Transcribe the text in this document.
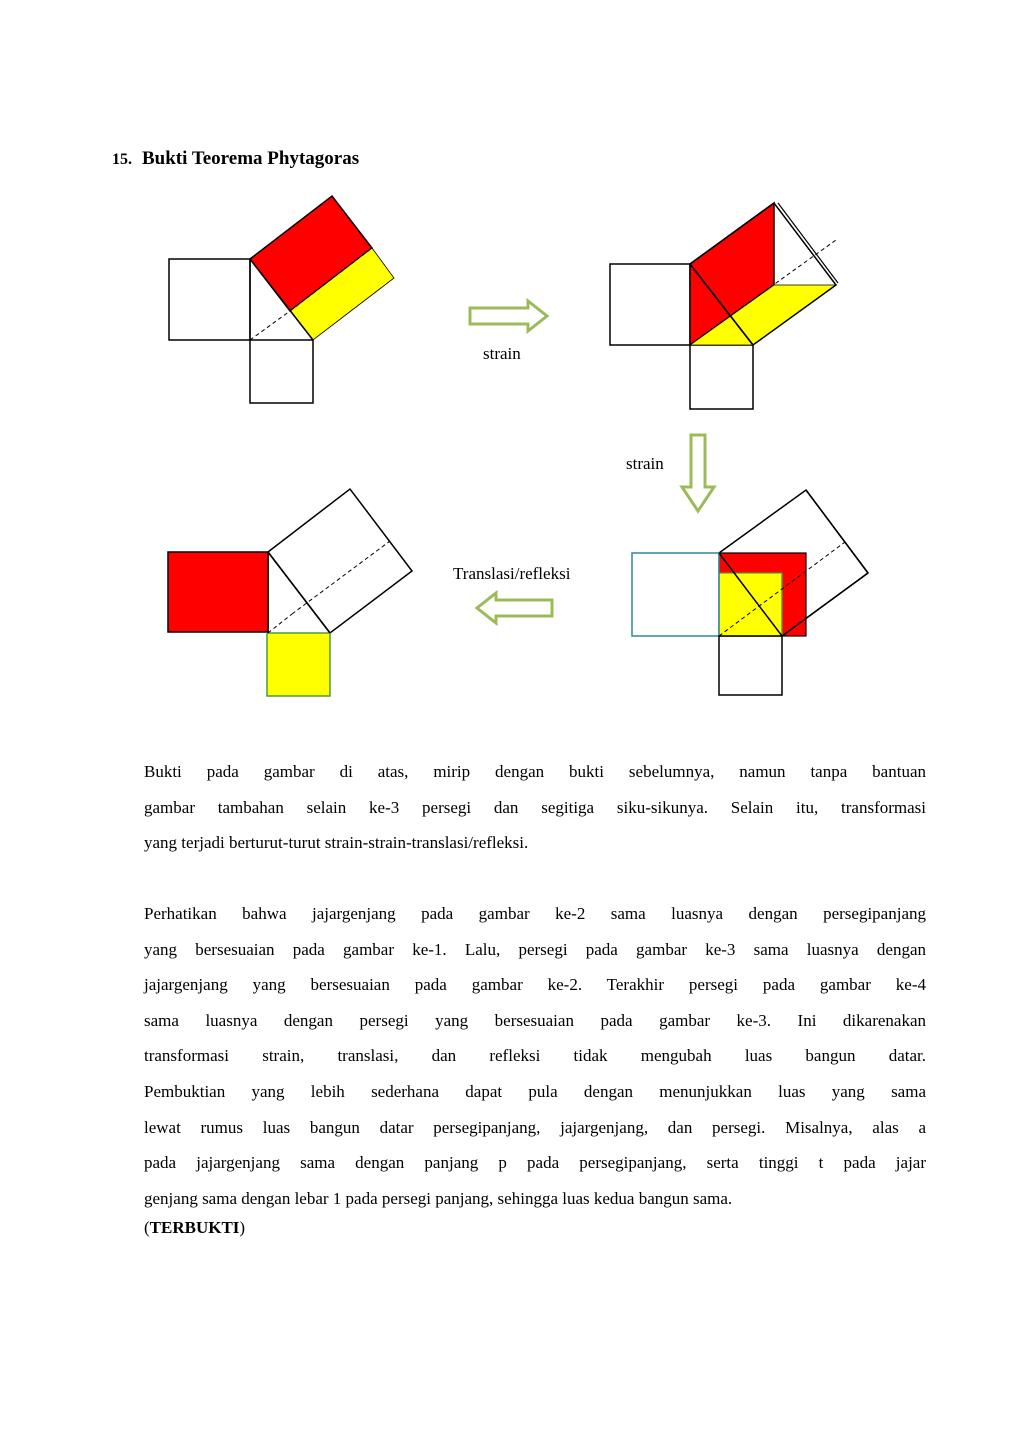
15. Bukti Teorema Phytagoras
strain
strain
Translasi/refleksi
Bukti pada gambar di atas, mirip dengan bukti sebelumnya, namun tanpa bantuan
gambar tambahan selain ke-3 persegi dan segitiga siku-sikunya. Selain itu, transformasi
yang terjadi berturut-turut strain-strain-translasi/refleksi.
Perhatikan bahwa jajargenjang pada gambar ke-2 sama luasnya dengan persegipanjang
yang bersesuaian pada gambar ke-1. Lalu, persegi pada gambar ke-3 sama luasnya dengan
jajargenjang yang bersesuaian pada gambar ke-2. Terakhir persegi pada gambar ke-4
sama luasnya dengan persegi yang bersesuaian pada gambar ke-3. Ini dikarenakan
transformasi strain, translasi, dan refleksi tidak mengubah luas bangun datar.
Pembuktian yang lebih sederhana dapat pula dengan menunjukkan luas yang sama
lewat rumus luas bangun datar persegipanjang, jajargenjang, dan persegi. Misalnya, alas a
pada jajargenjang sama dengan panjang p pada persegipanjang, serta tinggi t pada jajar
genjang sama dengan lebar 1 pada persegi panjang, sehingga luas kedua bangun sama.
(TERBUKTI)
